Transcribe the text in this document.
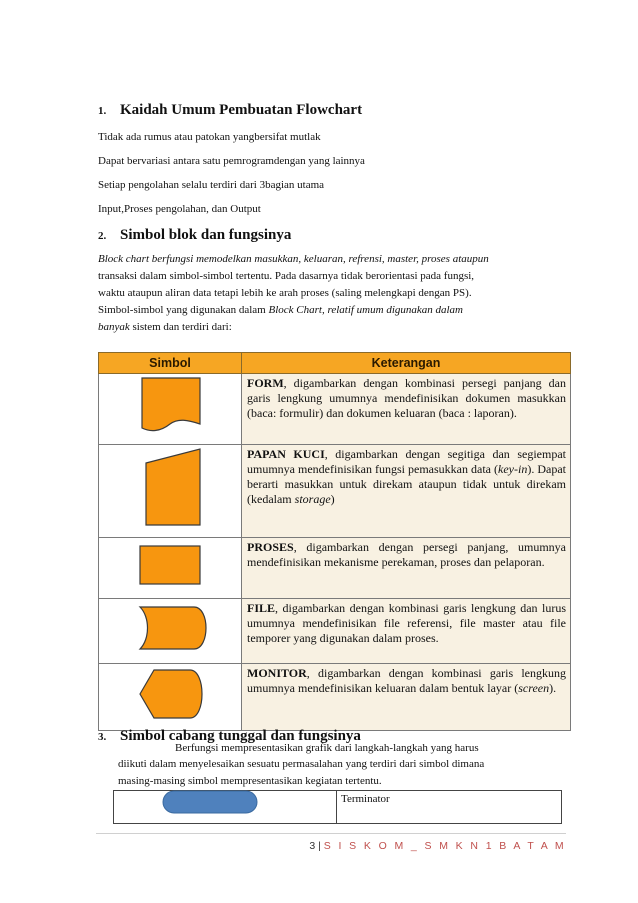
1. Kaidah Umum Pembuatan Flowchart
Tidak ada rumus atau patokan yangbersifat mutlak
Dapat bervariasi antara satu pemrogramdengan yang lainnya
Setiap pengolahan selalu terdiri dari 3bagian utama
Input,Proses pengolahan, dan Output
2. Simbol blok dan fungsinya
Block chart berfungsi memodelkan masukkan, keluaran, refrensi, master, proses ataupun
transaksi dalam simbol-simbol tertentu. Pada dasarnya tidak berorientasi pada fungsi,
waktu ataupun aliran data tetapi lebih ke arah proses (saling melengkapi dengan PS).
Simbol-simbol yang digunakan dalam Block Chart, relatif umum digunakan dalam
banyak sistem dan terdiri dari:
Simbol	Keterangan

	FORM, digambarkan dengan kombinasi persegi panjang dan garis lengkung umumnya mendefinisikan dokumen masukkan (baca: formulir) dan dokumen keluaran (baca : laporan).

	PAPAN KUCI, digambarkan dengan segitiga dan segiempat umumnya mendefinisikan fungsi pemasukkan data (key-in). Dapat berarti masukkan untuk direkam ataupun tidak untuk direkam (kedalam storage)

	PROSES, digambarkan dengan persegi panjang, umumnya mendefinisikan mekanisme perekaman, proses dan pelaporan.

	FILE, digambarkan dengan kombinasi garis lengkung dan lurus umumnya mendefinisikan file referensi, file master atau file temporer yang digunakan dalam proses.

	MONITOR, digambarkan dengan kombinasi garis lengkung umumnya mendefinisikan keluaran dalam bentuk layar (screen).
3. Simbol cabang tunggal dan fungsinya
Berfungsi mempresentasikan grafik dari langkah-langkah yang harus
diikuti dalam menyelesaikan sesuatu permasalahan yang terdiri dari simbol dimana
masing-masing simbol mempresentasikan kegiatan tertentu.
	Terminator
3 | S I S K O M _ S M K N 1 B A T A M
